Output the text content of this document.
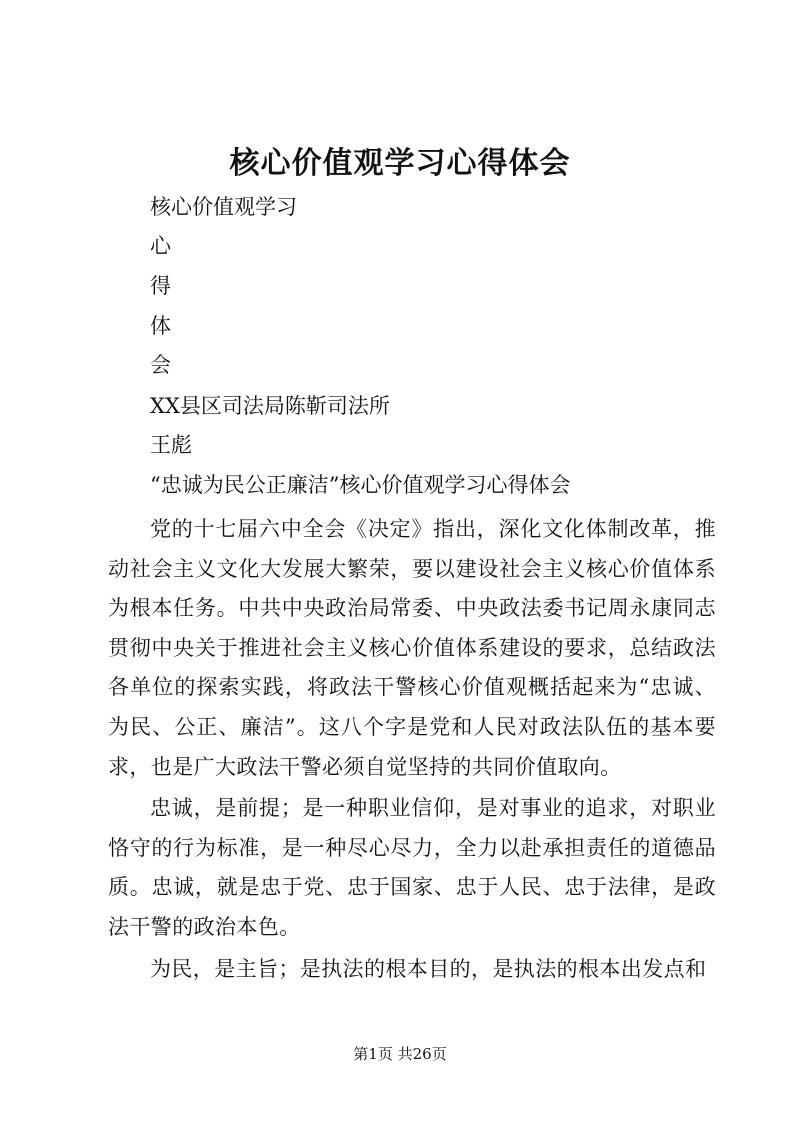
核心价值观学习心得体会
核心价值观学习
心
得
体
会
XX县区司法局陈靳司法所
王彪
“忠诚为民公正廉洁”核心价值观学习心得体会
党的十七届六中全会《决定》指出，深化文化体制改革，推动社会主义文化大发展大繁荣，要以建设社会主义核心价值体系为根本任务。中共中央政治局常委、中央政法委书记周永康同志贯彻中央关于推进社会主义核心价值体系建设的要求，总结政法各单位的探索实践，将政法干警核心价值观概括起来为“忠诚、为民、公正、廉洁”。这八个字是党和人民对政法队伍的基本要求，也是广大政法干警必须自觉坚持的共同价值取向。
忠诚，是前提；是一种职业信仰，是对事业的追求，对职业恪守的行为标准，是一种尽心尽力，全力以赴承担责任的道德品质。忠诚，就是忠于党、忠于国家、忠于人民、忠于法律，是政法干警的政治本色。
为民，是主旨；是执法的根本目的，是执法的根本出发点和
第1页 共26页
